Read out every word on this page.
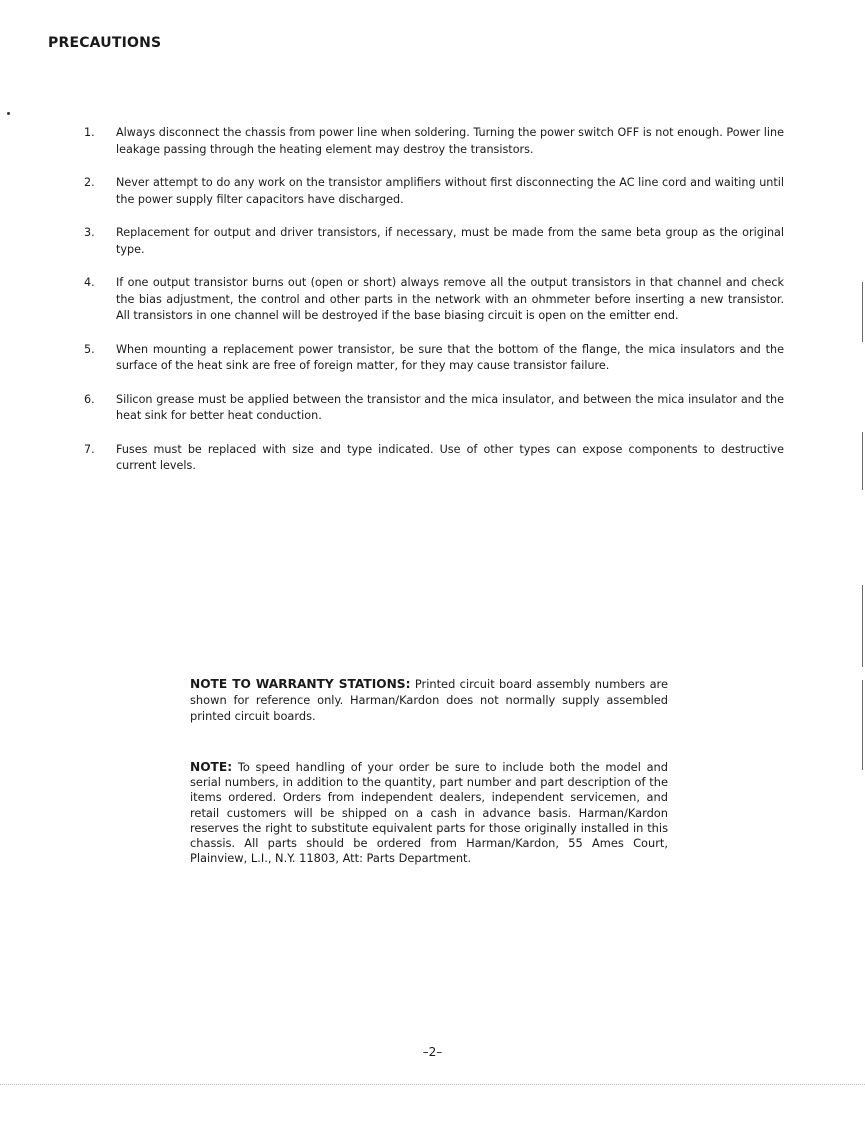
PRECAUTIONS
1.	Always disconnect the chassis from power line when soldering. Turning the power switch OFF is not enough. Power line leakage passing through the heating element may destroy the transistors.
2.	Never attempt to do any work on the transistor amplifiers without first disconnecting the AC line cord and waiting until the power supply filter capacitors have discharged.
3.	Replacement for output and driver transistors, if necessary, must be made from the same beta group as the original type.
4.	If one output transistor burns out (open or short) always remove all the output transistors in that channel and check the bias adjustment, the control and other parts in the network with an ohmmeter before inserting a new transistor. All transistors in one channel will be destroyed if the base biasing circuit is open on the emitter end.
5.	When mounting a replacement power transistor, be sure that the bottom of the flange, the mica insulators and the surface of the heat sink are free of foreign matter, for they may cause transistor failure.
6.	Silicon grease must be applied between the transistor and the mica insulator, and between the mica insulator and the heat sink for better heat conduction.
7.	Fuses must be replaced with size and type indicated. Use of other types can expose components to destructive current levels.

NOTE TO WARRANTY STATIONS: Printed circuit board assembly numbers are shown for reference only. Harman/Kardon does not normally supply assembled printed circuit boards.

NOTE: To speed handling of your order be sure to include both the model and serial numbers, in addition to the quantity, part number and part description of the items ordered. Orders from independent dealers, independent servicemen, and retail customers will be shipped on a cash in advance basis. Harman/Kardon reserves the right to substitute equivalent parts for those originally installed in this chassis. All parts should be ordered from Harman/Kardon, 55 Ames Court, Plainview, L.I., N.Y. 11803, Att: Parts Department.

–2–
